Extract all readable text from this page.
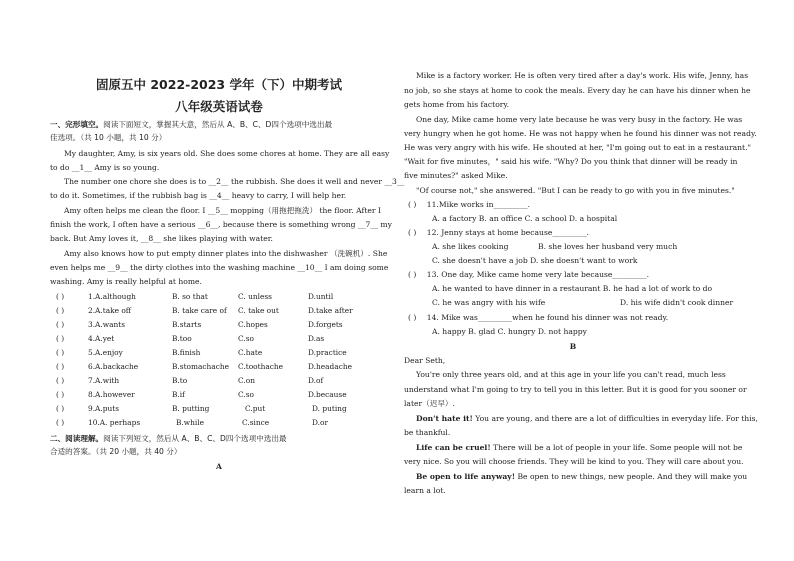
固原五中 2022-2023 学年（下）中期考试
八年级英语试卷
一、完形填空。阅读下面短文，掌握其大意，然后从 A、B、C、D四个选项中选出最
佳选项。（共 10 小题，共 10 分）
My daughter, Amy, is six years old. She does some chores at home. They are all easy
to do __1__ Amy is so young.
The number one chore she does is to __2__ the rubbish. She does it well and never __3__
to do it. Sometimes, if the rubbish bag is __4__ heavy to carry, I will help her.
Amy often helps me clean the floor. I __5__ mopping（用拖把拖洗） the floor. After I
finish the work, I often have a serious __6__, because there is something wrong __7__ my
back. But Amy loves it, __8__ she likes playing with water.
Amy also knows how to put empty dinner plates into the dishwasher （洗碗机）. She
even helps me __9__ the dirty clothes into the washing machine __10__ I am doing some
washing. Amy is really helpful at home.
( )	1.A.although	B. so that	C. unless	D.until
( )	2.A.take off	B. take care of C. take out	D.take after
( )	3.A.wants	B.starts	C.hopes	D.forgets
( )	4.A.yet	B.too	C.so	D.as
( )	5.A.enjoy	B.finish	C.hate	D.practice
( )	6.A.backache	B.stomachache C.toothache	D.headache
( )	7.A.with	B.to	C.on	D.of
( )	8.A.however	B.if	C.so	D.because
( )	9.A.puts	B. putting	C.put	D. puting
( )	10.A. perhaps	B.while	C.since	D.or
二、阅读理解。阅读下列短文，然后从 A、B、C、D四个选项中选出最
合适的答案。（共 20 小题，共 40 分）
A
Mike is a factory worker. He is often very tired after a day's work. His wife, Jenny, has
no job, so she stays at home to cook the meals. Every day he can have his dinner when he
gets home from his factory.
One day, Mike came home very late because he was very busy in the factory. He was
very hungry when he got home. He was not happy when he found his dinner was not ready.
He was very angry with his wife. He shouted at her, "I'm going out to eat in a restaurant."
"Wait for five minutes，" said his wife. "Why? Do you think that dinner will be ready in
five minutes?" asked Mike.
"Of course not," she answered. "But I can be ready to go with you in five minutes."
( ) 11.Mike works in_________.
A. a factory B. an office C. a school D. a hospital
( ) 12. Jenny stays at home because_________.
A. she likes cooking	B. she loves her husband very much
C. she doesn't have a job D. she doesn't want to work
( ) 13. One day, Mike came home very late because_________.
A. he wanted to have dinner in a restaurant B. he had a lot of work to do
C. he was angry with his wife	D. his wife didn't cook dinner
( ) 14. Mike was_________when he found his dinner was not ready.
A. happy B. glad C. hungry D. not happy
B
Dear Seth,
You're only three years old, and at this age in your life you can't read, much less
understand what I'm going to try to tell you in this letter. But it is good for you sooner or
later（迟早）.
Don't hate it! You are young, and there are a lot of difficulties in everyday life. For this,
be thankful.
Life can be cruel! There will be a lot of people in your life. Some people will not be
very nice. So you will choose friends. They will be kind to you. They will care about you.
Be open to life anyway! Be open to new things, new people. And they will make you
learn a lot.
